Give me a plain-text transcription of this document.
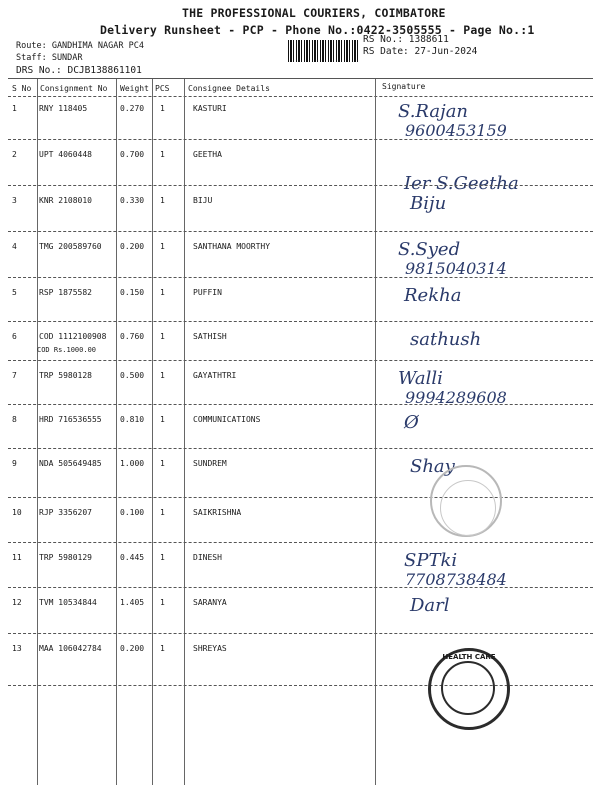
THE PROFESSIONAL COURIERS, COIMBATORE
Delivery Runsheet - PCP - Phone No.:0422-3505555 - Page No.:1
Route: GANDHIMA NAGAR PC4
Staff: SUNDAR
DRS No.: DCJB138861101
RS No.: 1388611
RS Date: 27-Jun-2024
S No Consignment No Weight PCS Consignee Details	Signature
1	RNY 118405	0.270 1	KASTURI	S.Rajan
9600453159
2	UPT 4060448	0.700 1	GEETHA
Ier S.Geetha
3	KNR 2108010	0.330 1	BIJU	Biju
4	TMG 200589760 0.200 1	SANTHANA MOORTHY	S.Syed
9815040314
5	RSP 1875582	0.150 1	PUFFIN	Rekha
6	COD 1112100908 0.760 1	SATHISH
COD Rs.1000.00	sathush
7	TRP 5980128	0.500 1	GAYATHTRI	Walli
9994289608
8	HRD 716536555 0.810 1	COMMUNICATIONS	Ø
9	NDA 505649485 1.000 1	SUNDREM	Shay
10 RJP 3356207	0.100 1	SAIKRISHNA
11 TRP 5980129	0.445 1	DINESH	SPTki
7708738484
12 TVM 10534844	1.405 1	SARANYA	Darl
13 MAA 106042784 0.200 1	SHREYAS
HEALTH CARE
